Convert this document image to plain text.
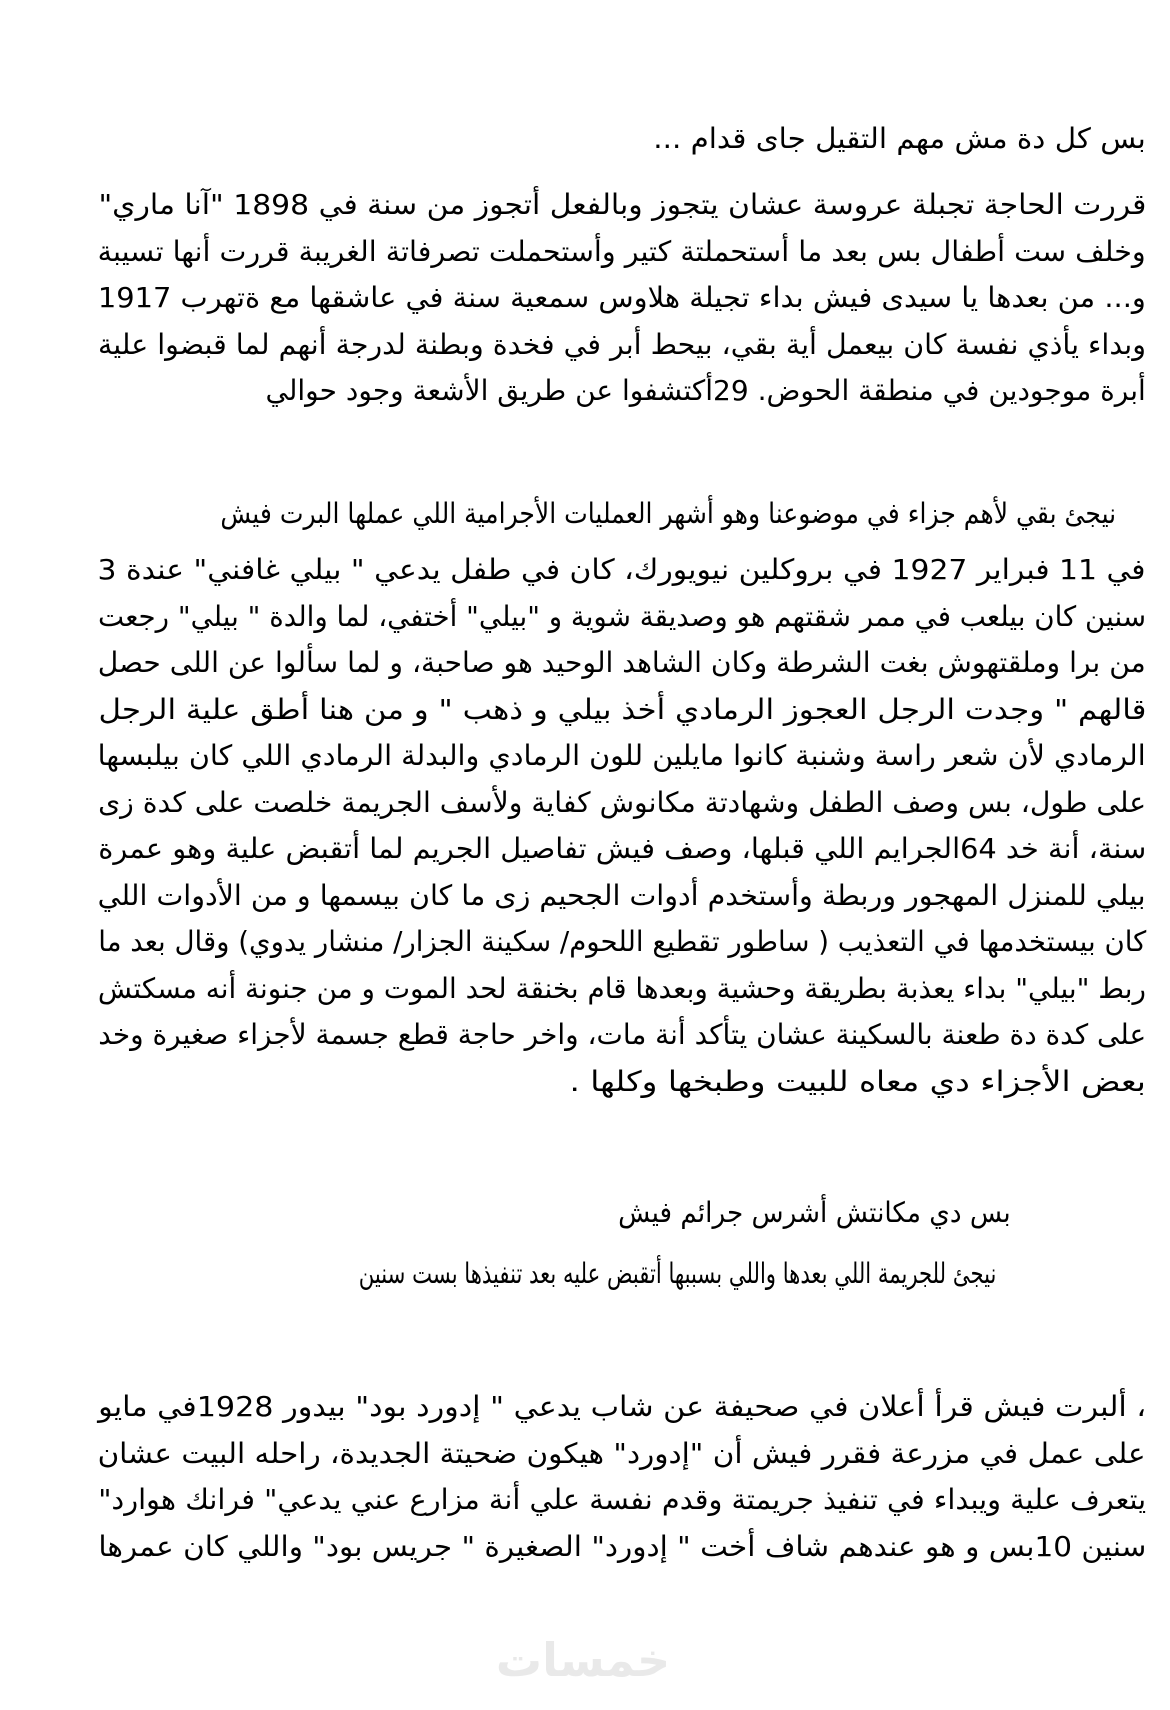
بس كل دة مش مهم التقيل جاى قدام ...
قررت الحاجة تجبلة عروسة عشان يتجوز وبالفعل أتجوز من سنة في 1898 "آنا ماري"
وخلف ست أطفال بس بعد ما أستحملتة كتير وأستحملت تصرفاتة الغريبة قررت أنها تسيبة
و... من بعدها يا سيدى فيش بداء تجيلة هلاوس سمعية سنة في عاشقها مع ةتهرب 1917
وبداء يأذي نفسة كان بيعمل أية بقي، بيحط أبر في فخدة وبطنة لدرجة أنهم لما قبضوا علية
أبرة موجودين في منطقة الحوض. 29أكتشفوا عن طريق الأشعة وجود حوالي
نيجئ بقي لأهم جزاء في موضوعنا وهو أشهر العمليات الأجرامية اللي عملها البرت فيش
في 11 فبراير 1927 في بروكلين نيويورك، كان في طفل يدعي " بيلي غافني" عندة 3
سنين كان بيلعب في ممر شقتهم هو وصديقة شوية و "بيلي" أختفي، لما والدة " بيلي" رجعت
من برا وملقتهوش بغت الشرطة وكان الشاهد الوحيد هو صاحبة، و لما سألوا عن اللى حصل
قالهم " وجدت الرجل العجوز الرمادي أخذ بيلي و ذهب " و من هنا أطق علية الرجل
الرمادي لأن شعر راسة وشنبة كانوا مايلين للون الرمادي والبدلة الرمادي اللي كان بيلبسها
على طول، بس وصف الطفل وشهادتة مكانوش كفاية ولأسف الجريمة خلصت على كدة زى
سنة، أنة خد 64الجرايم اللي قبلها، وصف فيش تفاصيل الجريم لما أتقبض علية وهو عمرة
بيلي للمنزل المهجور وربطة وأستخدم أدوات الجحيم زى ما كان بيسمها و من الأدوات اللي
كان بيستخدمها في التعذيب ( ساطور تقطيع اللحوم/ سكينة الجزار/ منشار يدوي) وقال بعد ما
ربط "بيلي" بداء يعذبة بطريقة وحشية وبعدها قام بخنقة لحد الموت و من جنونة أنه مسكتش
على كدة دة طعنة بالسكينة عشان يتأكد أنة مات، واخر حاجة قطع جسمة لأجزاء صغيرة وخد
بعض الأجزاء دي معاه للبيت وطبخها وكلها .
بس دي مكانتش أشرس جرائم فيش
نيجئ للجريمة اللي بعدها واللي بسببها أتقبض عليه بعد تنفيذها بست سنين
، ألبرت فيش قرأ أعلان في صحيفة عن شاب يدعي " إدورد بود" بيدور 1928في مايو
على عمل في مزرعة فقرر فيش أن "إدورد" هيكون ضحيتة الجديدة، راحله البيت عشان
يتعرف علية ويبداء في تنفيذ جريمتة وقدم نفسة علي أنة مزارع عني يدعي" فرانك هوارد"
سنين 10بس و هو عندهم شاف أخت " إدورد" الصغيرة " جريس بود" واللي كان عمرها
خمسات
